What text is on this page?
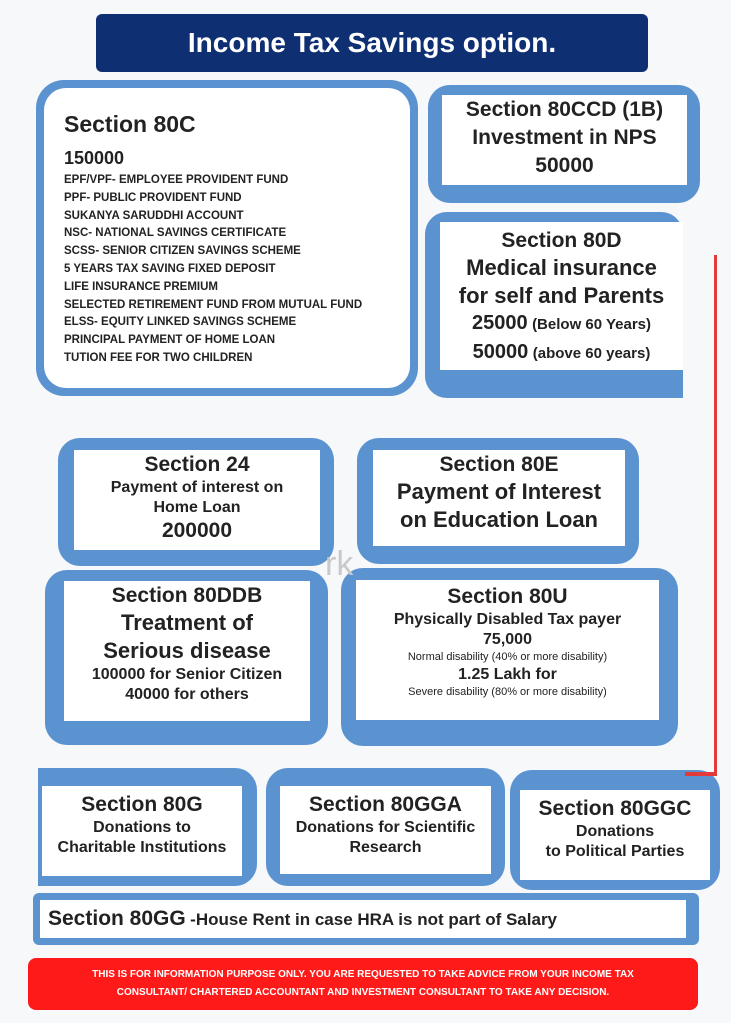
Income Tax Savings option.
Section 80C
150000
EPF/VPF- EMPLOYEE PROVIDENT FUND
PPF- PUBLIC PROVIDENT FUND
SUKANYA SARUDDHI ACCOUNT
NSC- NATIONAL SAVINGS CERTIFICATE
SCSS- SENIOR CITIZEN SAVINGS SCHEME
5 YEARS TAX SAVING FIXED DEPOSIT
LIFE INSURANCE PREMIUM
SELECTED RETIREMENT FUND FROM MUTUAL FUND
ELSS- EQUITY LINKED SAVINGS SCHEME
PRINCIPAL PAYMENT OF HOME LOAN
TUTION FEE FOR TWO CHILDREN
Section 80CCD (1B)
Investment in NPS
50000
Section 80D
Medical insurance
for self and Parents
25000 (Below 60 Years)
50000 (above 60 years)
Section 24
Payment of interest on
Home Loan
200000
Section 80E
Payment of Interest
on Education Loan
Section 80DDB
Treatment of
Serious disease
100000 for Senior Citizen
40000 for others
Section 80U
Physically Disabled Tax payer
75,000
Normal disability (40% or more disability)
1.25 Lakh for
Severe disability (80% or more disability)
Section 80G
Donations to
Charitable Institutions
Section 80GGA
Donations for Scientific
Research
Section 80GGC
Donations
to Political Parties
Section 80GG -House Rent in case HRA is not part of Salary
THIS IS FOR INFORMATION PURPOSE ONLY. YOU ARE REQUESTED TO TAKE ADVICE FROM YOUR INCOME TAX
CONSULTANT/ CHARTERED ACCOUNTANT AND INVESTMENT CONSULTANT TO TAKE ANY DECISION.
rk
